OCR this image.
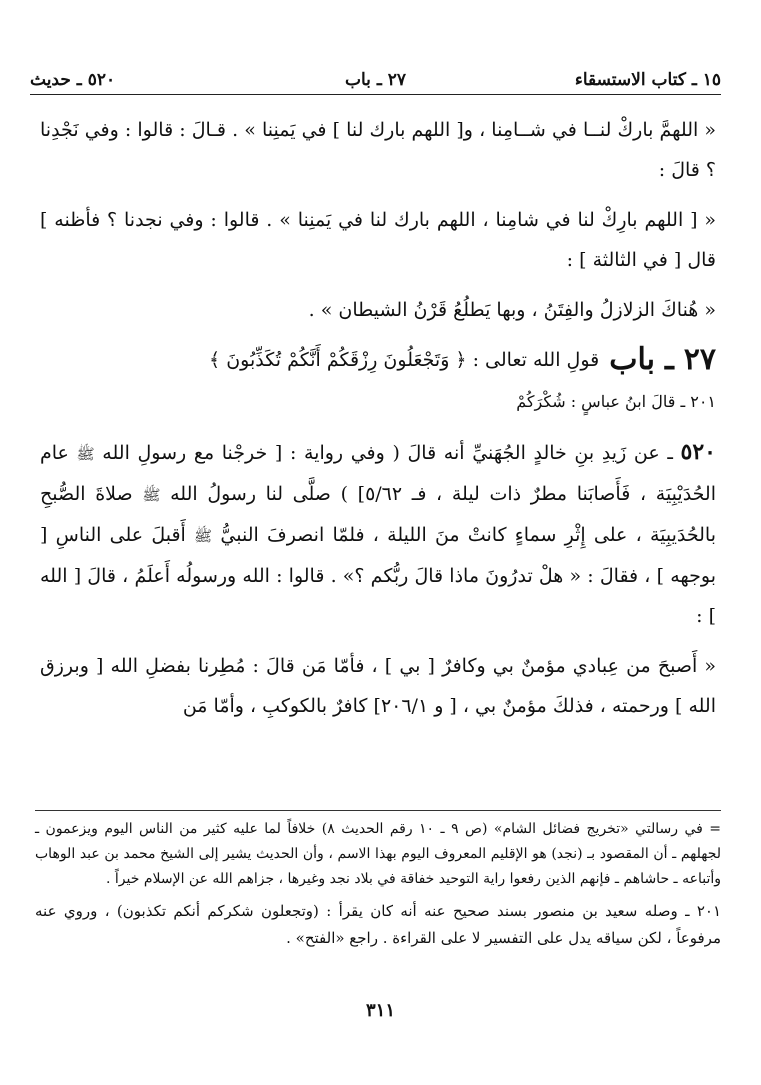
١٥ ـ كتاب الاستسقاء
٢٧ ـ باب
٥٢٠ ـ حديث

« اللهمَّ باركْ لنــا في شــامِنا ، و[ اللهم بارك لنا ] في يَمنِنا » . قـالَ : قالوا : وفي نَجْدِنا ؟ قالَ :

« [ اللهم بارِكْ لنا في شامِنا ، اللهم بارك لنا في يَمنِنا » . قالوا : وفي نجدنا ؟ فأظنه ] قال [ في الثالثة ] :

« هُناكَ الزلازلُ والفِتَنُ ، وبها يَطلُعُ قَرْنُ الشيطان » .

٢٧
ـ
باب
قولِ الله تعالى : ﴿ وَتَجْعَلُونَ رِزْقَكُمْ أَنَّكُمْ تُكَذِّبُونَ ﴾

٢٠١ ـ قالَ ابنُ عباسٍ : شُكْرَكُمْ

٥٢٠ ـ عن زَيدِ بنِ خالدٍ الجُهَنيِّ أنه قالَ ( وفي رواية : [ خرجْنا مع رسولِ الله ﷺ عام الحُدَيْبِيَة ، فَأَصابَنا مطرٌ ذات ليلة ، فـ ٥/٦٢] ) صلَّى لنا رسولُ الله ﷺ صلاةَ الصُّبحِ بالحُدَيبِيَة ، على إِثْرِ سماءٍ كانتْ منَ الليلة ، فلمّا انصرفَ النبيُّ ﷺ أَقبلَ على الناسِ [ بوجهه ] ، فقالَ : « هلْ تدرُونَ ماذا قالَ ربُّكم ؟» . قالوا : الله ورسولُه أَعلَمُ ، قالَ [ الله ] :

« أَصبحَ من عِبادي مؤمنٌ بي وكافرٌ [ بي ] ، فأمّا مَن قالَ : مُطِرنا بفضلِ الله [ وبرزق الله ] ورحمته ، فذلكَ مؤمنٌ بي ، [ و ٢٠٦/١] كافرٌ بالكوكبِ ، وأمّا مَن

= في رسالتي «تخريج فضائل الشام» (ص ٩ ـ ١٠ رقم الحديث ٨) خلافاً لما عليه كثير من الناس اليوم ويزعمون ـ لجهلهم ـ أن المقصود بـ (نجد) هو الإقليم المعروف اليوم بهذا الاسم ، وأن الحديث يشير إلى الشيخ محمد بن عبد الوهاب وأتباعه ـ حاشاهم ـ فإنهم الذين رفعوا راية التوحيد خفاقة في بلاد نجد وغيرها ، جزاهم الله عن الإسلام خيراً .

٢٠١ ـ وصله سعيد بن منصور بسند صحيح عنه أنه كان يقرأ : (وتجعلون شكركم أنكم تكذبون) ، وروي عنه مرفوعاً ، لكن سياقه يدل على التفسير لا على القراءة . راجع «الفتح» .

٣١١
